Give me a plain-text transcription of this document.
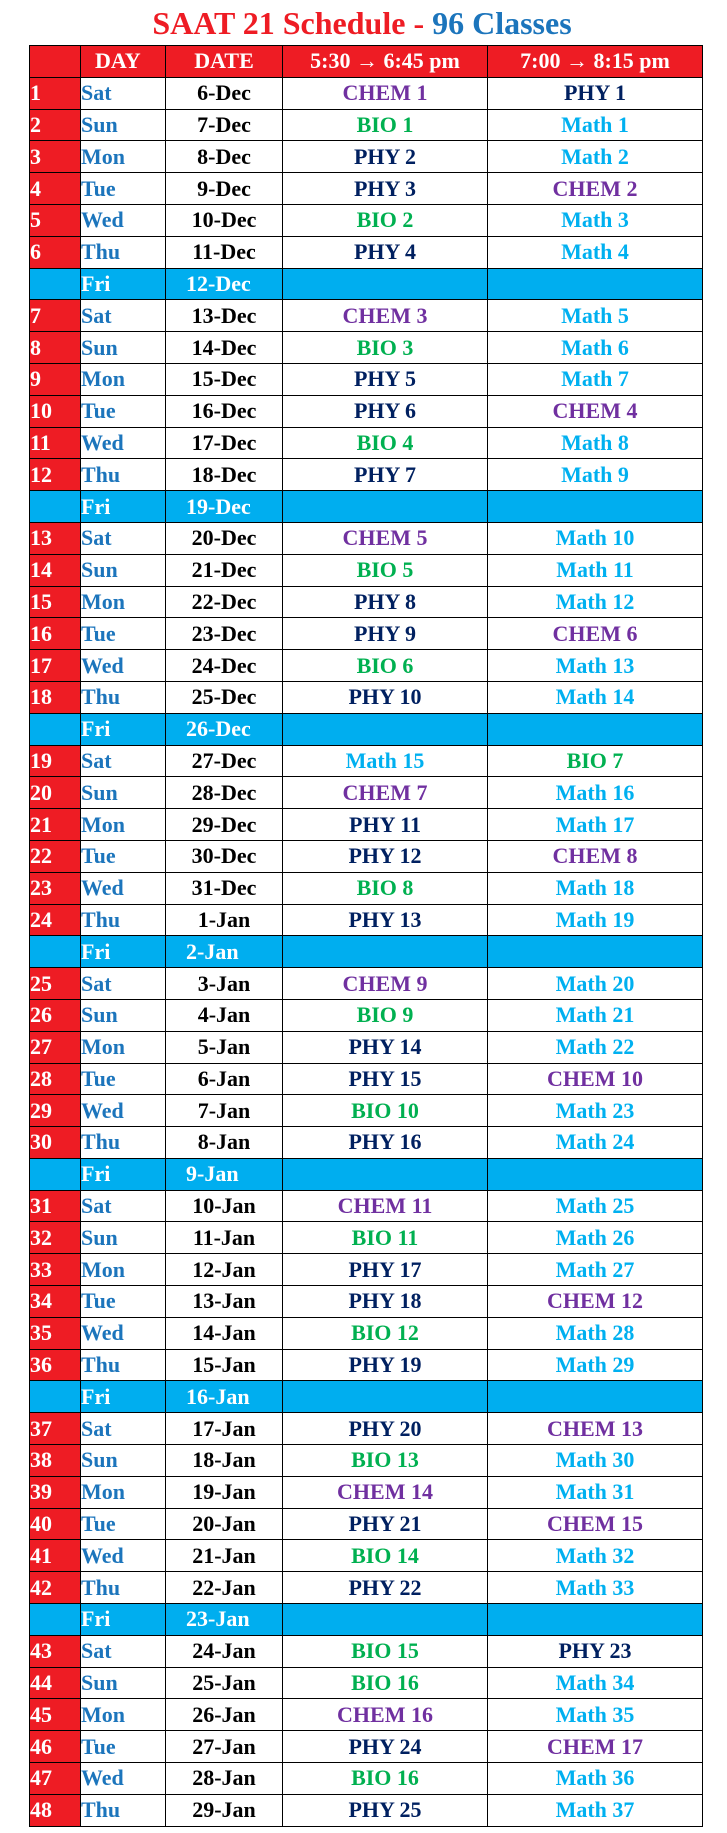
SAAT 21 Schedule - 96 Classes
	DAY	DATE	5:30 → 6:45 pm	7:00 → 8:15 pm
1	Sat	6-Dec	CHEM 1	PHY 1
2	Sun	7-Dec	BIO 1	Math 1
3	Mon	8-Dec	PHY 2	Math 2
4	Tue	9-Dec	PHY 3	CHEM 2
5	Wed	10-Dec	BIO 2	Math 3
6	Thu	11-Dec	PHY 4	Math 4
	Fri	12-Dec		
7	Sat	13-Dec	CHEM 3	Math 5
8	Sun	14-Dec	BIO 3	Math 6
9	Mon	15-Dec	PHY 5	Math 7
10	Tue	16-Dec	PHY 6	CHEM 4
11	Wed	17-Dec	BIO 4	Math 8
12	Thu	18-Dec	PHY 7	Math 9
	Fri	19-Dec		
13	Sat	20-Dec	CHEM 5	Math 10
14	Sun	21-Dec	BIO 5	Math 11
15	Mon	22-Dec	PHY 8	Math 12
16	Tue	23-Dec	PHY 9	CHEM 6
17	Wed	24-Dec	BIO 6	Math 13
18	Thu	25-Dec	PHY 10	Math 14
	Fri	26-Dec		
19	Sat	27-Dec	Math 15	BIO 7
20	Sun	28-Dec	CHEM 7	Math 16
21	Mon	29-Dec	PHY 11	Math 17
22	Tue	30-Dec	PHY 12	CHEM 8
23	Wed	31-Dec	BIO 8	Math 18
24	Thu	1-Jan	PHY 13	Math 19
	Fri	2-Jan		
25	Sat	3-Jan	CHEM 9	Math 20
26	Sun	4-Jan	BIO 9	Math 21
27	Mon	5-Jan	PHY 14	Math 22
28	Tue	6-Jan	PHY 15	CHEM 10
29	Wed	7-Jan	BIO 10	Math 23
30	Thu	8-Jan	PHY 16	Math 24
	Fri	9-Jan		
31	Sat	10-Jan	CHEM 11	Math 25
32	Sun	11-Jan	BIO 11	Math 26
33	Mon	12-Jan	PHY 17	Math 27
34	Tue	13-Jan	PHY 18	CHEM 12
35	Wed	14-Jan	BIO 12	Math 28
36	Thu	15-Jan	PHY 19	Math 29
	Fri	16-Jan		
37	Sat	17-Jan	PHY 20	CHEM 13
38	Sun	18-Jan	BIO 13	Math 30
39	Mon	19-Jan	CHEM 14	Math 31
40	Tue	20-Jan	PHY 21	CHEM 15
41	Wed	21-Jan	BIO 14	Math 32
42	Thu	22-Jan	PHY 22	Math 33
	Fri	23-Jan		
43	Sat	24-Jan	BIO 15	PHY 23
44	Sun	25-Jan	BIO 16	Math 34
45	Mon	26-Jan	CHEM 16	Math 35
46	Tue	27-Jan	PHY 24	CHEM 17
47	Wed	28-Jan	BIO 16	Math 36
48	Thu	29-Jan	PHY 25	Math 37
